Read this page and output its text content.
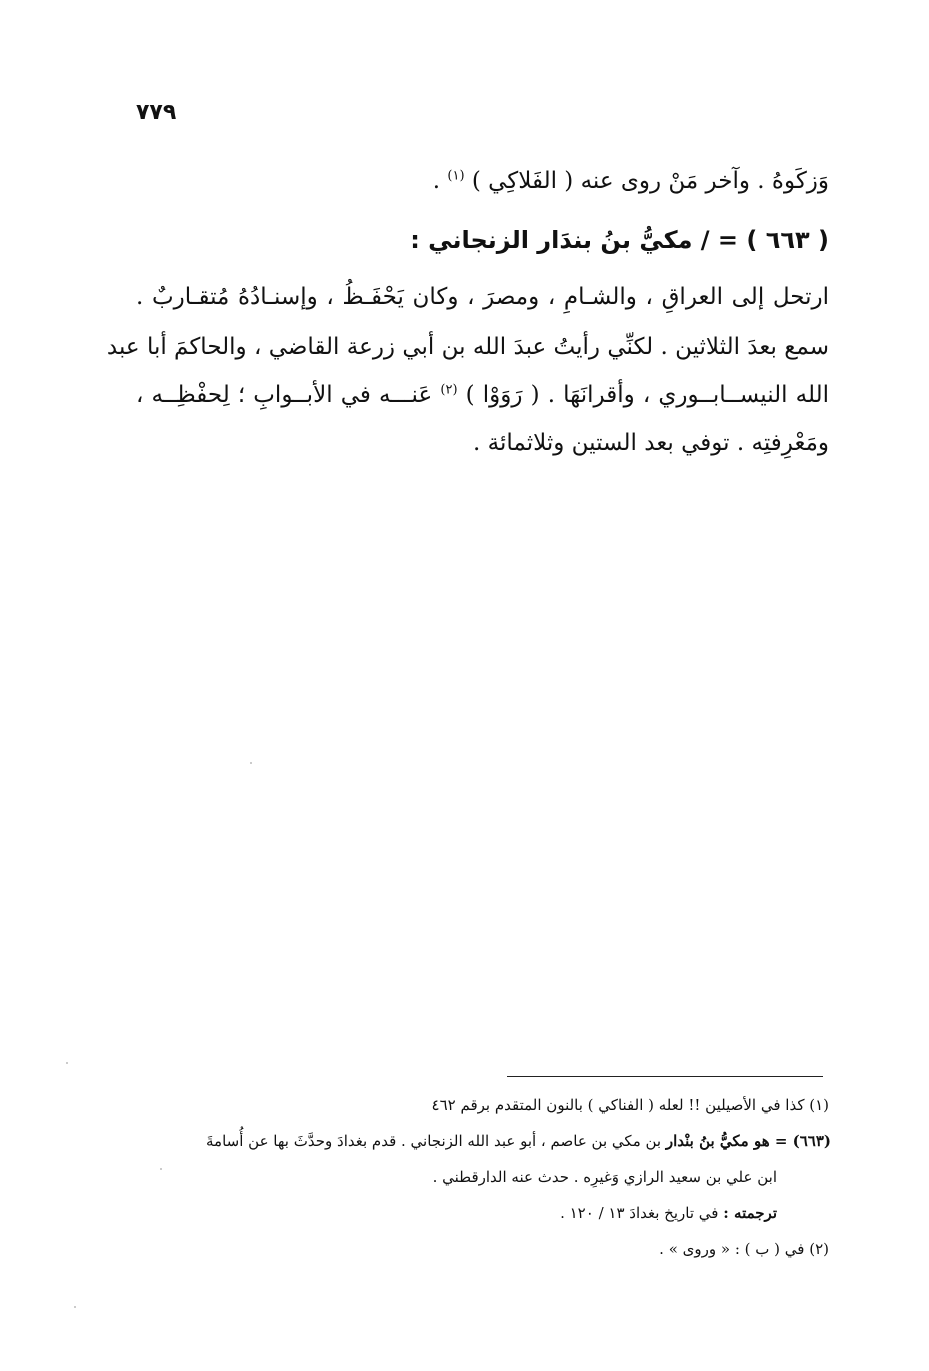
٧٧٩
وَزكَوهُ . وآخر مَنْ روى عنه ( الفَلاكِي ) $^{(١)}$ .
( ٦٦٣ ) = / مكيُّ بنُ بندَار الزنجاني :
ارتحل إلى العراقِ ، والشـامِ ، ومصرَ ، وكان يَحْفَـظُ ، وإسنـادُهُ مُتقـاربٌ .
سمع بعدَ الثلاثين . لكنِّي رأيتُ عبدَ الله بن أبي زرعة القاضي ، والحاكمَ أبا عبد
الله النيســابــوري ، وأقرانَهَا . ( رَوَوْا ) $^{(٢)}$ عَنـــه في الأبــوابِ ؛ لِحفْظِــه ،
ومَعْرِفتِه . توفي بعد الستين وثلاثمائة .
(١) كذا في الأصيلين !! لعله ( الفناكي ) بالنون المتقدم برقم ٤٦٢
(٦٦٣) = هو مكيُّ بنُ بنْدار بن مكي بن عاصم ، أبو عبد الله الزنجاني . قدم بغدادَ وحدَّثَ بها عن أُسامةَ
ابن علي بن سعيد الرازي وَغيرِه . حدث عنه الدارقطني .
ترجمته : في تاريخ بغدادَ ١٣ / ١٢٠ .
(٢) في ( ب ) : « وروى » .
